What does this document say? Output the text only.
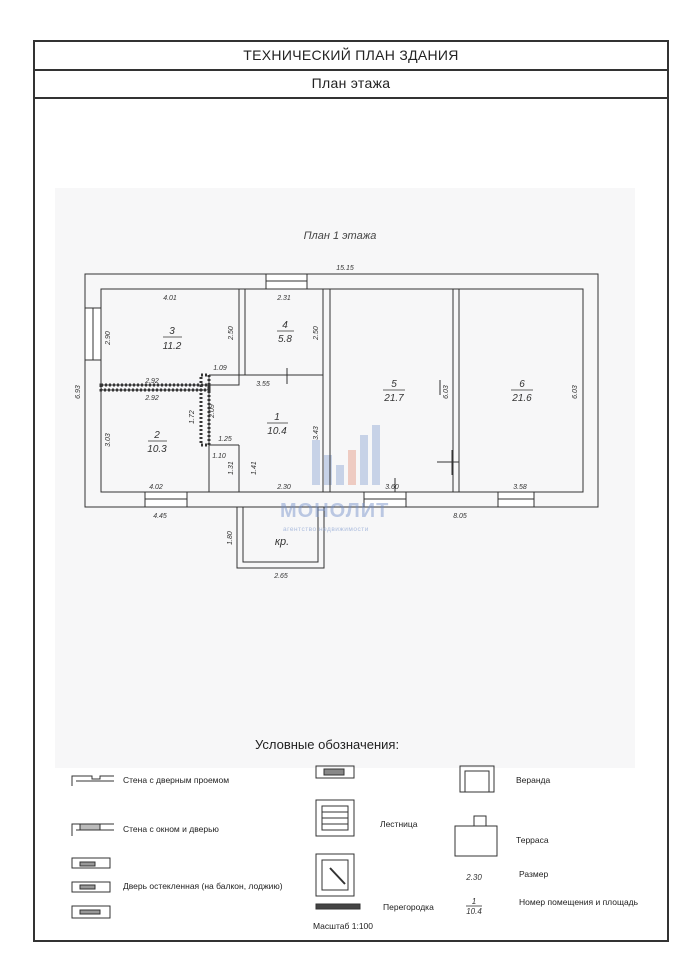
ТЕХНИЧЕСКИЙ ПЛАН ЗДАНИЯ
План этажа
План 1 этажа
15.15
6.93
4.45	8.05
2.65
1.80	кр.
4.01
2.90	2.50
2.92
2.31
2.50
1.09
2.92
3.03
4.02
1.31
1.72
1.25
1.10
3.55
2.09
1.41
2.30
3.43
6.03
3.60
6.03
3.58
3
11.2
4
5.8
2
10.3
1
10.4
5
21.7
6
21.6
2.30
1
10.4
МОНОЛИТ
агентство недвижимости
Условные обозначения:
Стена с дверным проемом
Стена с окном и дверью
Дверь остекленная (на балкон, лоджию)
Лестница
Перегородка
Веранда
Терраса
Размер
Номер помещения и площадь
Масштаб 1:100
